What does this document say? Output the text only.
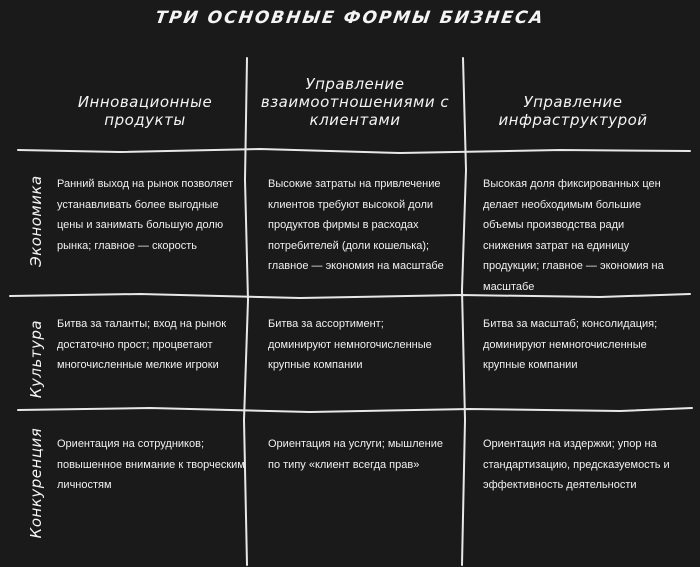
ТРИ ОСНОВНЫЕ ФОРМЫ БИЗНЕСА
Инновационные продукты
Управление взаимоотношениями с клиентами
Управление инфраструктурой
Экономика
Культура
Конкуренция
Ранний выход на рынок позволяет устанавливать более выгодные цены и занимать большую долю рынка; главное — скорость
Высокие затраты на привлечение клиентов требуют высокой доли продуктов фирмы в расходах потребителей (доли кошелька); главное — экономия на масштабе
Высокая доля фиксированных цен делает необходимым большие объемы производства ради снижения затрат на единицу продукции; главное — экономия на масштабе
Битва за таланты; вход на рынок достаточно прост; процветают многочисленные мелкие игроки
Битва за ассортимент; доминируют немногочисленные крупные компании
Битва за масштаб; консолидация; доминируют немногочисленные крупные компании
Ориентация на сотрудников; повышенное внимание к творческим личностям
Ориентация на услуги; мышление по типу «клиент всегда прав»
Ориентация на издержки; упор на стандартизацию, предсказуемость и эффективность деятельности
